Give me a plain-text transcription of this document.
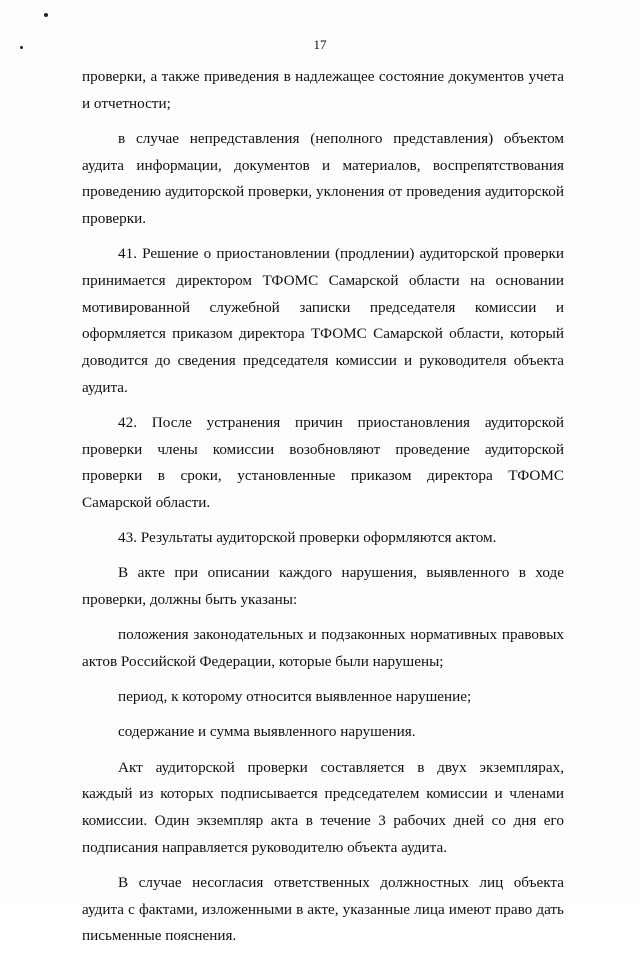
17

проверки, а также приведения в надлежащее состояние документов учета и отчетности;

в случае непредставления (неполного представления) объектом аудита информации, документов и материалов, воспрепятствования проведению аудиторской проверки, уклонения от проведения аудиторской проверки.

41. Решение о приостановлении (продлении) аудиторской проверки принимается директором ТФОМС Самарской области на основании мотивированной служебной записки председателя комиссии и оформляется приказом директора ТФОМС Самарской области, который доводится до сведения председателя комиссии и руководителя объекта аудита.

42. После устранения причин приостановления аудиторской проверки члены комиссии возобновляют проведение аудиторской проверки в сроки, установленные приказом директора ТФОМС Самарской области.

43. Результаты аудиторской проверки оформляются актом.

В акте при описании каждого нарушения, выявленного в ходе проверки, должны быть указаны:

положения законодательных и подзаконных нормативных правовых актов Российской Федерации, которые были нарушены;

период, к которому относится выявленное нарушение;

содержание и сумма выявленного нарушения.

Акт аудиторской проверки составляется в двух экземплярах, каждый из которых подписывается председателем комиссии и членами комиссии. Один экземпляр акта в течение 3 рабочих дней со дня его подписания направляется руководителю объекта аудита.

В случае несогласия ответственных должностных лиц объекта аудита с фактами, изложенными в акте, указанные лица имеют право дать письменные пояснения.
